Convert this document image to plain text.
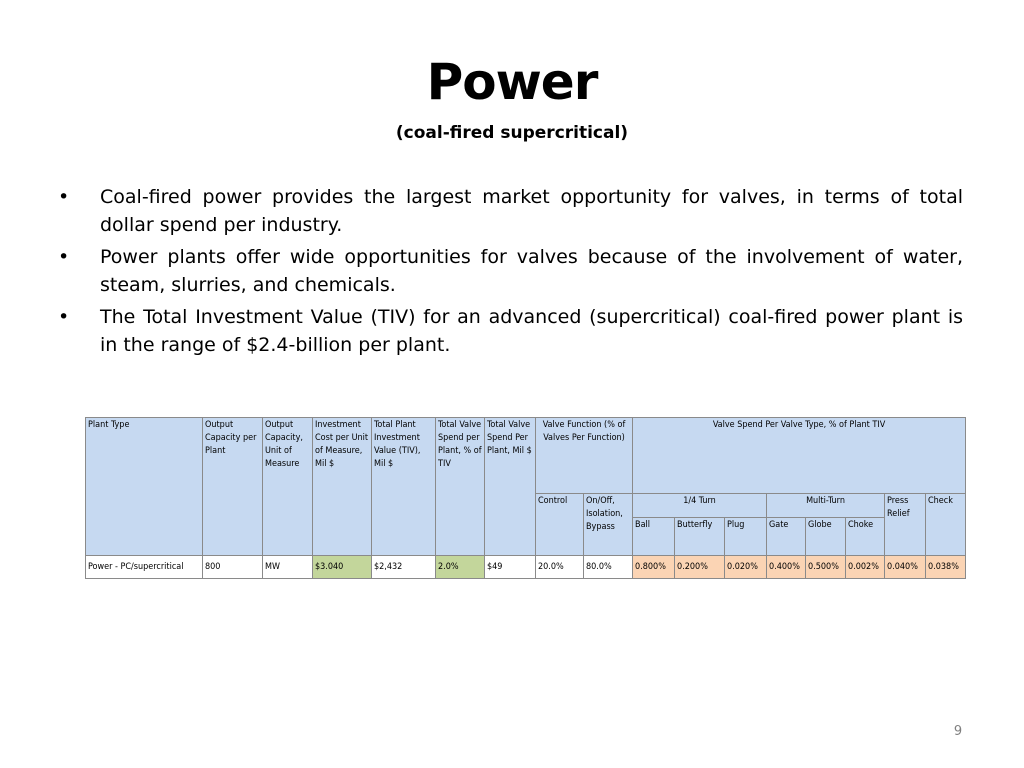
Power
(coal-fired supercritical)
•	Coal-fired power provides the largest market opportunity for valves, in terms of total dollar spend per industry.
•	Power plants offer wide opportunities for valves because of the involvement of water, steam, slurries, and chemicals.
•	The Total Investment Value (TIV) for an advanced (supercritical) coal-fired power plant is in the range of $2.4-billion per plant.
Plant Type	Output Capacity per Plant	Output Capacity, Unit of Measure	Investment Cost per Unit of Measure, Mil $	Total Plant Investment Value (TIV), Mil $	Total Valve Spend per Plant, % of TIV	Total Valve Spend Per Plant, Mil $	Valve Function (% of Valves Per Function)		Valve Spend Per Valve Type, % of Plant TIV							
							Control	On/Off, Isolation, Bypass	1/4 Turn			Multi-Turn			Press Relief	Check
									Ball	Butterfly	Plug	Gate	Globe	Choke		
Power - PC/supercritical	800	MW	$3.040	$2,432	2.0%	$49	20.0%	80.0%	0.800%	0.200%	0.020%	0.400%	0.500%	0.002%	0.040%	0.038%
9
